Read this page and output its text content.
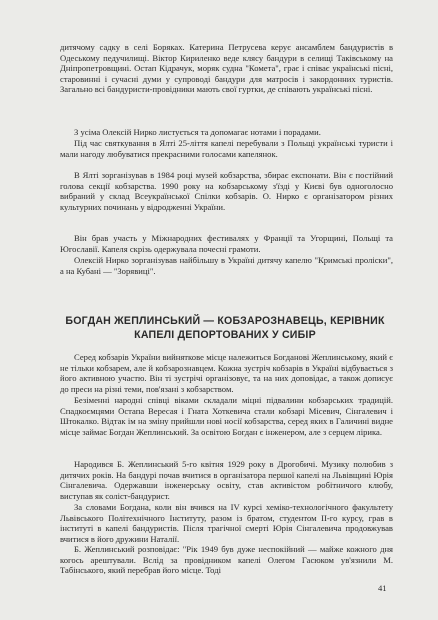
дитячому садку в селі Боряках. Катерина Петрусева керує ансамблем бандуристів в Одеському педучилищі. Віктор Кириленко веде клясу бандури в селищі Таківському на Дніпропетровщині. Остап Кідрачук, моряк судна "Комета", грає і співає українські пісні, старовинні і сучасні думи у супроводі бандури для матросів і закордонних туристів. Загально всі бандуристи-провідники мають свої гуртки, де співають українські пісні.

З усіма Олексій Нирко листується та допомагає нотами і порадами.

Під час святкування в Ялті 25-ліття капелі перебували з Польщі українські туристи і мали нагоду любуватися прекрасними голосами капелянок.

В Ялті зорганізував в 1984 році музей кобзарства, збирає експонати. Він є постійний голова секції кобзарства. 1990 року на кобзарському з'їзді у Києві був одноголосно вибраний у склад Всеукраїнської Спілки кобзарів. О. Нирко є організатором різних культурних починань у відродженні України.

Він брав участь у Міжнародних фестивалях у Франції та Угорщині, Польщі та Югославії. Капеля скрізь одержувала почесні грамоти.

Олексій Нирко зорганізував найбільшу в Україні дитячу капелю "Кримські проліски", а на Кубані — "Зорявиці".

БОГДАН ЖЕПЛИНСЬКИЙ — КОБЗАРОЗНАВЕЦЬ, КЕРІВНИК КАПЕЛІ ДЕПОРТОВАНИХ У СИБІР

Серед кобзарів України вийняткове місце належиться Богданові Жеплинському, який є не тільки кобзарем, але й кобзарознавцем. Кожна зустріч кобзарів в Україні відбувається з його активною участю. Він ті зустрічі організовує, та на них доповідає, а також дописує до преси на різні теми, пов'язані з кобзарством.

Безіменні народні співці віками складали міцні підвалини кобзарських традицій. Спадкоємцями Остапа Вересая і Гната Хоткевича стали кобзарі Місевич, Сінгалевич і Штокалко. Відтак ім на зміну прийшли нові носії кобзарства, серед яких в Галичині видне місце займає Богдан Жеплинський. За освітою Богдан є інженером, але з серцем лірика.

Народився Б. Жеплинський 5-го квітня 1929 року в Дрогобичі. Музику полюбив з дитячих років. На бандурі почав вчитися в організатора першої капелі на Львівщині Юрія Сінгалевича. Одержавши інженерську освіту, став активістом робітничого клюбу, виступав як соліст-бандурист.

За словами Богдана, коли він вчився на IV курсі хеміко-технологічного факультету Львівського Політехнічного Інституту, разом із братом, студентом II-го курсу, грав в інституті в капелі бандуристів. Після трагічної смерті Юрія Сінгалевича продовжував вчитися в його дружини Наталії.

Б. Жеплинський розповідає: "Рік 1949 був дуже неспокійний — майже кожного дня когось арештували. Вслід за провідником капелі Олегом Гасюком ув'язнили М. Табінського, який перебрав його місце. Тоді

41
